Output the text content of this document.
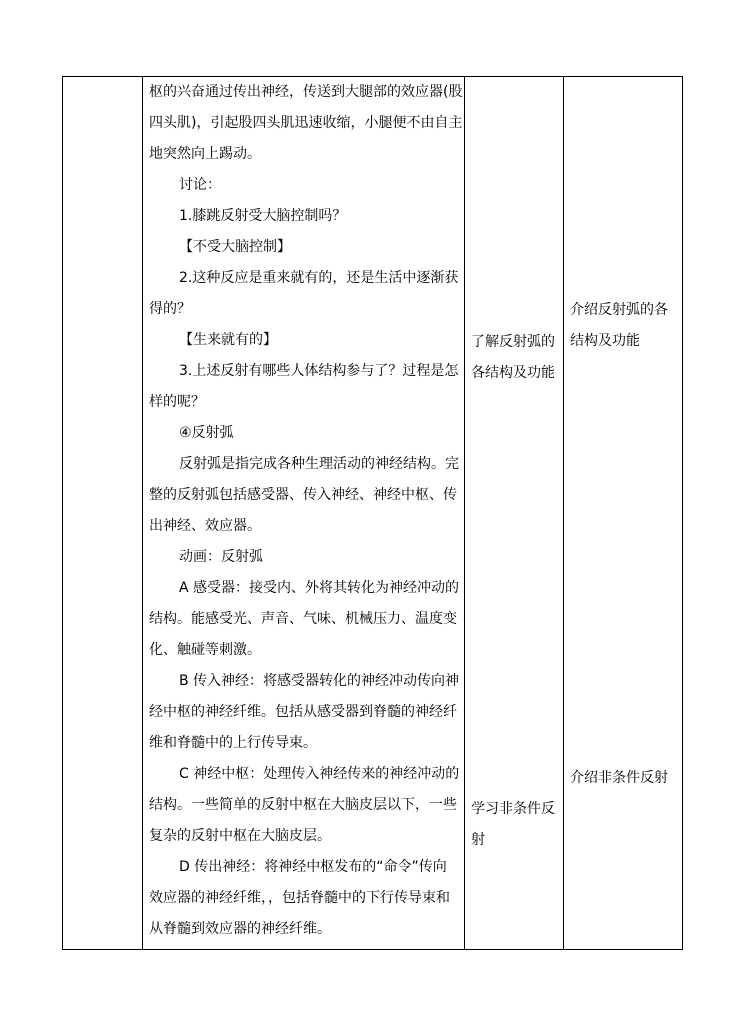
枢的兴奋通过传出神经，传送到大腿部的效应器(股
四头肌)，引起股四头肌迅速收缩，小腿便不由自主
地突然向上踢动。
讨论：
1.膝跳反射受大脑控制吗？
【不受大脑控制】
2.这种反应是重来就有的，还是生活中逐渐获
得的？
【生来就有的】
3.上述反射有哪些人体结构参与了？过程是怎
样的呢？
④反射弧
反射弧是指完成各种生理活动的神经结构。完
整的反射弧包括感受器、传入神经、神经中枢、传
出神经、效应器。
动画：反射弧
A 感受器：接受内、外将其转化为神经冲动的
结构。能感受光、声音、气味、机械压力、温度变
化、触碰等刺激。
B 传入神经：将感受器转化的神经冲动传向神
经中枢的神经纤维。包括从感受器到脊髓的神经纤
维和脊髓中的上行传导束。
C 神经中枢：处理传入神经传来的神经冲动的
结构。一些简单的反射中枢在大脑皮层以下，一些
复杂的反射中枢在大脑皮层。
D 传出神经：将神经中枢发布的“命令”传向
效应器的神经纤维，，包括脊髓中的下行传导束和
从脊髓到效应器的神经纤维。
了解反射弧的
各结构及功能
学习非条件反
射
介绍反射弧的各
结构及功能
介绍非条件反射
